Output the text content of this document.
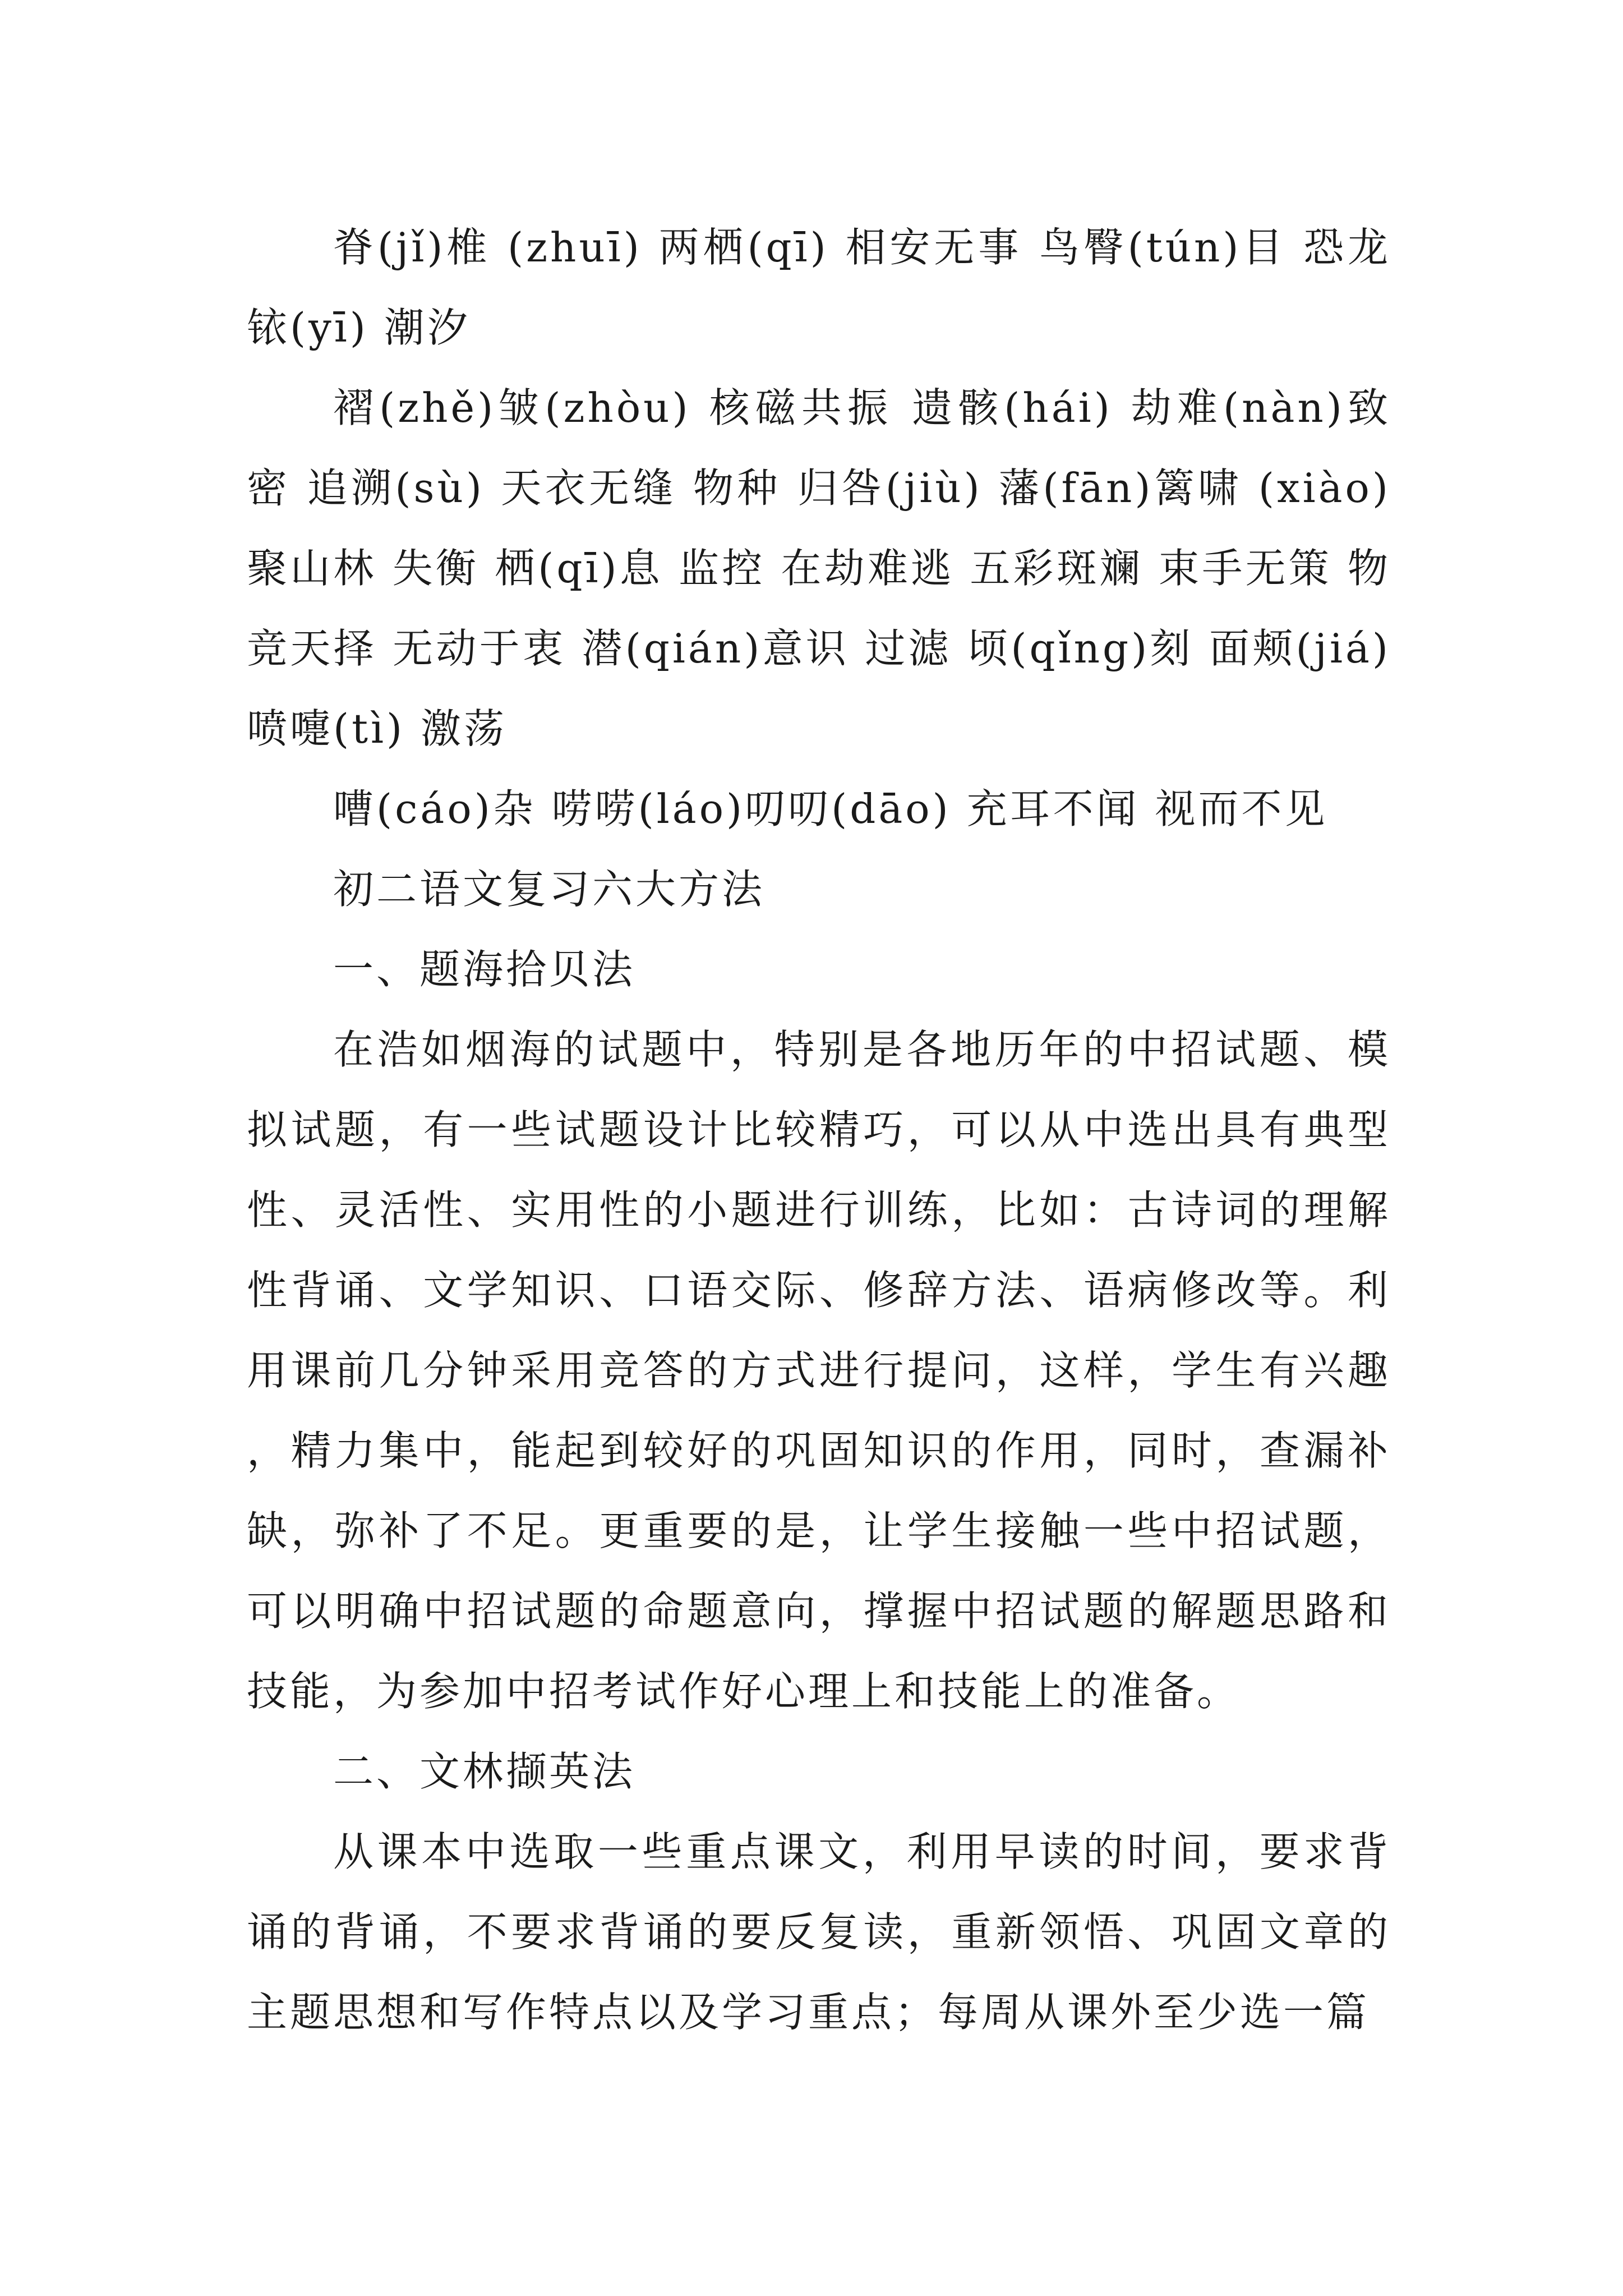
脊(jǐ)椎 (zhuī) 两栖(qī) 相安无事 鸟臀(tún)目 恐龙 铱(yī) 潮汐

褶(zhě)皱(zhòu) 核磁共振 遗骸(hái) 劫难(nàn)致密 追溯(sù) 天衣无缝 物种 归咎(jiù) 藩(fān)篱啸 (xiào)聚山林 失衡 栖(qī)息 监控 在劫难逃 五彩斑斓 束手无策 物竞天择 无动于衷 潜(qián)意识 过滤 顷(qǐng)刻 面颊(jiá) 喷嚏(tì) 激荡

嘈(cáo)杂 唠唠(láo)叨叨(dāo) 充耳不闻 视而不见

初二语文复习六大方法

一、题海拾贝法

在浩如烟海的试题中，特别是各地历年的中招试题、模拟试题，有一些试题设计比较精巧，可以从中选出具有典型性、灵活性、实用性的小题进行训练，比如：古诗词的理解性背诵、文学知识、口语交际、修辞方法、语病修改等。利用课前几分钟采用竞答的方式进行提问，这样，学生有兴趣，精力集中，能起到较好的巩固知识的作用，同时，查漏补缺，弥补了不足。更重要的是，让学生接触一些中招试题，可以明确中招试题的命题意向，撑握中招试题的解题思路和技能，为参加中招考试作好心理上和技能上的准备。

二、文林撷英法

从课本中选取一些重点课文，利用早读的时间，要求背诵的背诵，不要求背诵的要反复读，重新领悟、巩固文章的主题思想和写作特点以及学习重点；每周从课外至少选一篇
